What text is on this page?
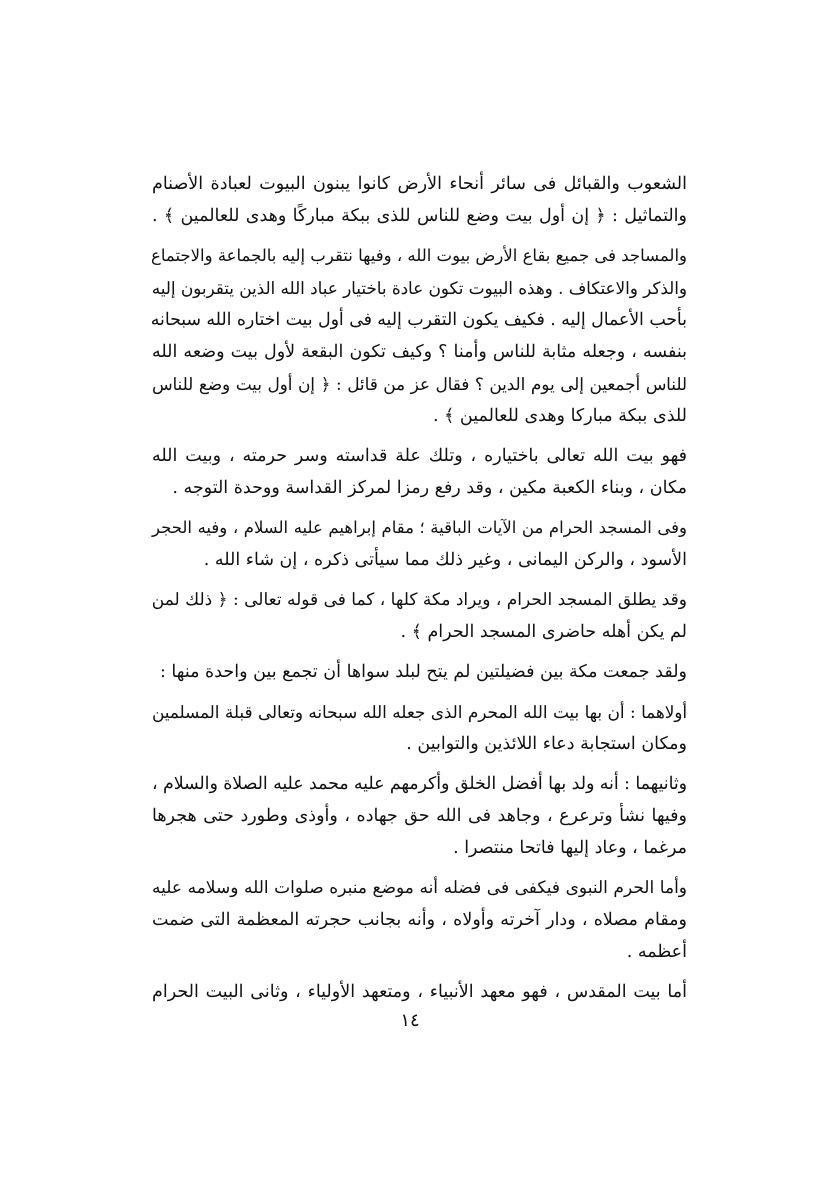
الشعوب والقبائل فى سائر أنحاء الأرض كانوا يبنون البيوت لعبادة الأصنام
والتماثيل : ﴿ إن أول بيت وضع للناس للذى ببكة مباركًا وهدى للعالمين ﴾ .
والمساجد فى جميع بقاع الأرض بيوت الله ، وفيها نتقرب إليه بالجماعة والاجتماع
والذكر والاعتكاف . وهذه البيوت تكون عادة باختيار عباد الله الذين يتقربون إليه
بأحب الأعمال إليه . فكيف يكون التقرب إليه فى أول بيت اختاره الله سبحانه
بنفسه ، وجعله مثابة للناس وأمنا ؟ وكيف تكون البقعة لأول بيت وضعه الله
للناس أجمعين إلى يوم الدين ؟ فقال عز من قائل : ﴿ إن أول بيت وضع للناس
للذى ببكة مباركا وهدى للعالمين ﴾ .
فهو بيت الله تعالى باختياره ، وتلك علة قداسته وسر حرمته ، وبيت الله
مكان ، وبناء الكعبة مكين ، وقد رفع رمزا لمركز القداسة ووحدة التوجه .
وفى المسجد الحرام من الآيات الباقية ؛ مقام إبراهيم عليه السلام ، وفيه الحجر
الأسود ، والركن اليمانى ، وغير ذلك مما سيأتى ذكره ، إن شاء الله .
وقد يطلق المسجد الحرام ، ويراد مكة كلها ، كما فى قوله تعالى : ﴿ ذلك لمن
لم يكن أهله حاضرى المسجد الحرام ﴾ .
ولقد جمعت مكة بين فضيلتين لم يتح لبلد سواها أن تجمع بين واحدة منها :
أولاهما : أن بها بيت الله المحرم الذى جعله الله سبحانه وتعالى قبلة المسلمين
ومكان استجابة دعاء اللائذين والتوابين .
وثانيهما : أنه ولد بها أفضل الخلق وأكرمهم عليه محمد عليه الصلاة والسلام ،
وفيها نشأ وترعرع ، وجاهد فى الله حق جهاده ، وأوذى وطورد حتى هجرها
مرغما ، وعاد إليها فاتحا منتصرا .
وأما الحرم النبوى فيكفى فى فضله أنه موضع منبره صلوات الله وسلامه عليه
ومقام مصلاه ، ودار آخرته وأولاه ، وأنه بجانب حجرته المعظمة التى ضمت
أعظمه .
أما بيت المقدس ، فهو معهد الأنبياء ، ومتعهد الأولياء ، وثانى البيت الحرام
١٤
